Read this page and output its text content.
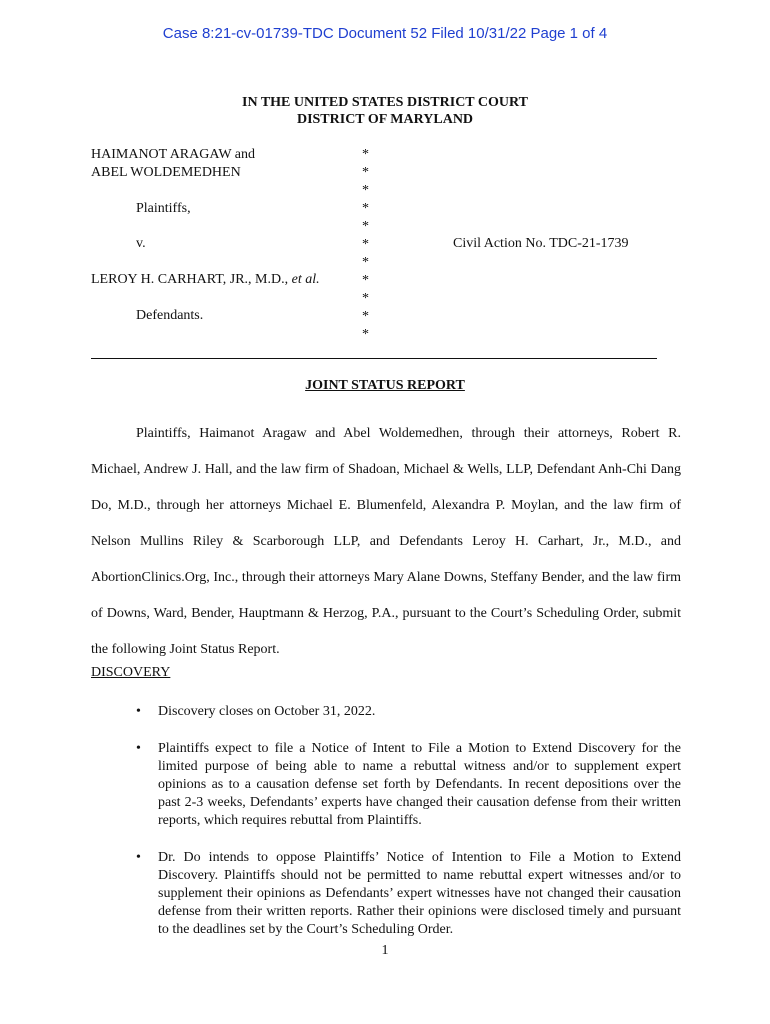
Case 8:21-cv-01739-TDC Document 52 Filed 10/31/22 Page 1 of 4
IN THE UNITED STATES DISTRICT COURT
DISTRICT OF MARYLAND
HAIMANOT ARAGAW and
ABEL WOLDEMEDHEN
Plaintiffs,
v.
LEROY H. CARHART, JR., M.D., et al.
Defendants.
*
*
*
*
*
*
*
*
*
*
*
Civil Action No. TDC-21-1739
JOINT STATUS REPORT

Plaintiffs, Haimanot Aragaw and Abel Woldemedhen, through their attorneys, Robert R. Michael, Andrew J. Hall, and the law firm of Shadoan, Michael & Wells, LLP, Defendant Anh-Chi Dang Do, M.D., through her attorneys Michael E. Blumenfeld, Alexandra P. Moylan, and the law firm of Nelson Mullins Riley & Scarborough LLP, and Defendants Leroy H. Carhart, Jr., M.D., and AbortionClinics.Org, Inc., through their attorneys Mary Alane Downs, Steffany Bender, and the law firm of Downs, Ward, Bender, Hauptmann & Herzog, P.A., pursuant to the Court’s Scheduling Order, submit the following Joint Status Report.

DISCOVERY
• Discovery closes on October 31, 2022.
• Plaintiffs expect to file a Notice of Intent to File a Motion to Extend Discovery for the limited purpose of being able to name a rebuttal witness and/or to supplement expert opinions as to a causation defense set forth by Defendants. In recent depositions over the past 2-3 weeks, Defendants’ experts have changed their causation defense from their written reports, which requires rebuttal from Plaintiffs.
• Dr. Do intends to oppose Plaintiffs’ Notice of Intention to File a Motion to Extend Discovery. Plaintiffs should not be permitted to name rebuttal expert witnesses and/or to supplement their opinions as Defendants’ expert witnesses have not changed their causation defense from their written reports. Rather their opinions were disclosed timely and pursuant to the deadlines set by the Court’s Scheduling Order.
1
